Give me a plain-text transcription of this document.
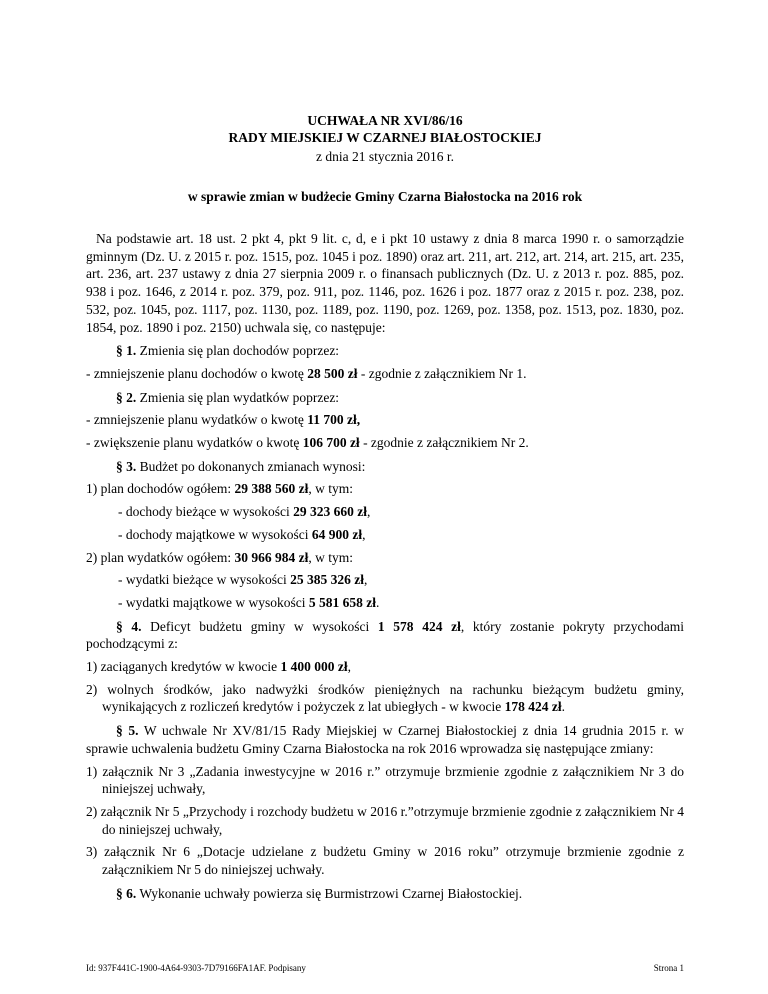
UCHWAŁA NR XVI/86/16
RADY MIEJSKIEJ W CZARNEJ BIAŁOSTOCKIEJ
z dnia 21 stycznia 2016 r.
w sprawie zmian w budżecie Gminy Czarna Białostocka na 2016 rok

Na podstawie art. 18 ust. 2 pkt 4, pkt 9 lit. c, d, e i pkt 10 ustawy z dnia 8 marca 1990 r. o samorządzie gminnym (Dz. U. z 2015 r. poz. 1515, poz. 1045 i poz. 1890) oraz art. 211, art. 212, art. 214, art. 215, art. 235, art. 236, art. 237 ustawy z dnia 27 sierpnia 2009 r. o finansach publicznych (Dz. U. z 2013 r. poz. 885, poz. 938 i poz. 1646, z 2014 r. poz. 379, poz. 911, poz. 1146, poz. 1626 i poz. 1877 oraz z 2015 r. poz. 238, poz. 532, poz. 1045, poz. 1117, poz. 1130, poz. 1189, poz. 1190, poz. 1269, poz. 1358, poz. 1513, poz. 1830, poz. 1854, poz. 1890 i poz. 2150) uchwala się, co następuje:

§ 1. Zmienia się plan dochodów poprzez:

- zmniejszenie planu dochodów o kwotę 28 500 zł - zgodnie z załącznikiem Nr 1.

§ 2. Zmienia się plan wydatków poprzez:

- zmniejszenie planu wydatków o kwotę 11 700 zł,

- zwiększenie planu wydatków o kwotę 106 700 zł - zgodnie z załącznikiem Nr 2.

§ 3. Budżet po dokonanych zmianach wynosi:

1) plan dochodów ogółem: 29 388 560 zł, w tym:

- dochody bieżące w wysokości 29 323 660 zł,

- dochody majątkowe w wysokości 64 900 zł,

2) plan wydatków ogółem: 30 966 984 zł, w tym:

- wydatki bieżące w wysokości 25 385 326 zł,

- wydatki majątkowe w wysokości 5 581 658 zł.

§ 4. Deficyt budżetu gminy w wysokości 1 578 424 zł, który zostanie pokryty przychodami pochodzącymi z:

1) zaciąganych kredytów w kwocie 1 400 000 zł,

2) wolnych środków, jako nadwyżki środków pieniężnych na rachunku bieżącym budżetu gminy, wynikających z rozliczeń kredytów i pożyczek z lat ubiegłych - w kwocie 178 424 zł.

§ 5. W uchwale Nr XV/81/15 Rady Miejskiej w Czarnej Białostockiej z dnia 14 grudnia 2015 r. w sprawie uchwalenia budżetu Gminy Czarna Białostocka na rok 2016 wprowadza się następujące zmiany:

1) załącznik Nr 3 „Zadania inwestycyjne w 2016 r.” otrzymuje brzmienie zgodnie z załącznikiem Nr 3 do niniejszej uchwały,

2) załącznik Nr 5 „Przychody i rozchody budżetu w 2016 r.”otrzymuje brzmienie zgodnie z załącznikiem Nr 4 do niniejszej uchwały,

3) załącznik Nr 6 „Dotacje udzielane z budżetu Gminy w 2016 roku” otrzymuje brzmienie zgodnie z załącznikiem Nr 5 do niniejszej uchwały.

§ 6. Wykonanie uchwały powierza się Burmistrzowi Czarnej Białostockiej.

Id: 937F441C-1900-4A64-9303-7D79166FA1AF. Podpisany	Strona 1
